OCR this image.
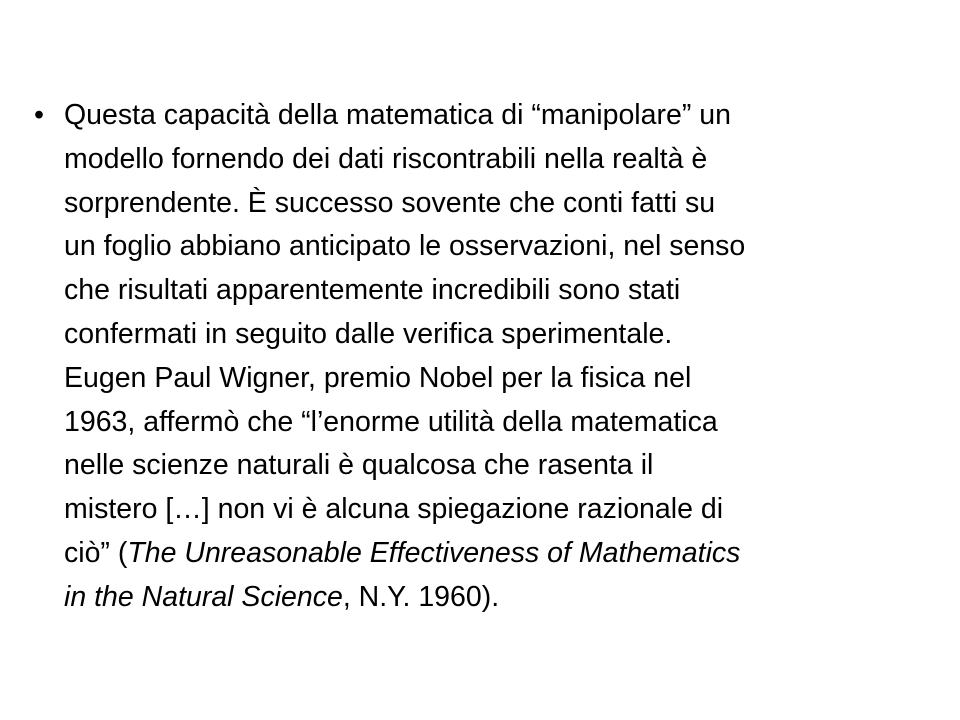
• Questa capacità della matematica di “manipolare” un
modello fornendo dei dati riscontrabili nella realtà è
sorprendente. È successo sovente che conti fatti su
un foglio abbiano anticipato le osservazioni, nel senso
che risultati apparentemente incredibili sono stati
confermati in seguito dalle verifica sperimentale.
Eugen Paul Wigner, premio Nobel per la fisica nel
1963, affermò che “l’enorme utilità della matematica
nelle scienze naturali è qualcosa che rasenta il
mistero […] non vi è alcuna spiegazione razionale di
ciò” (The Unreasonable Effectiveness of Mathematics
in the Natural Science, N.Y. 1960).
